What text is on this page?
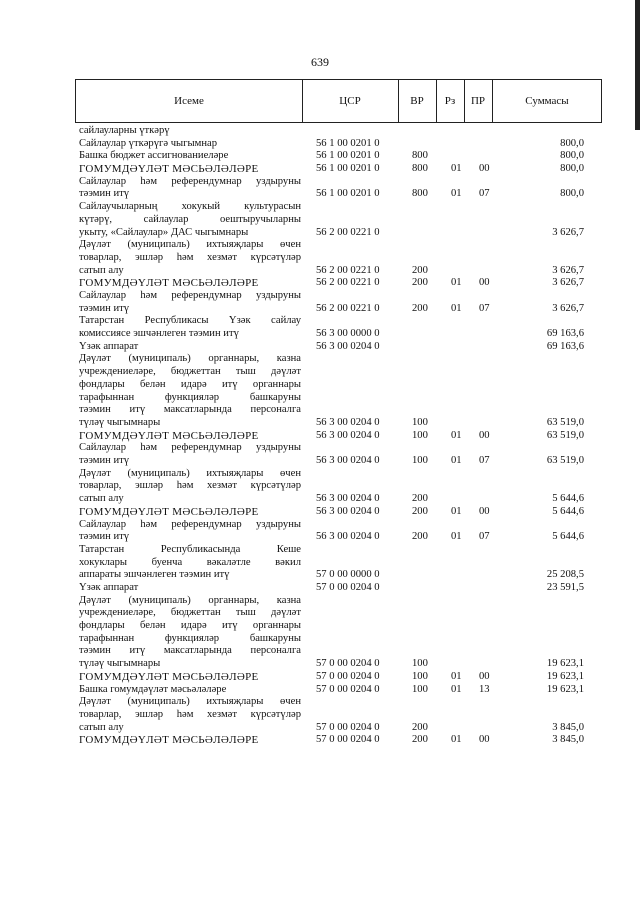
639
Исеме	ЦСР	ВР	Рз	ПР	Суммасы
сайлауларны үткәрү
Сайлаулар үткәрүгә чыгымнар	56 1 00 0201 0	800,0
Башка бюджет ассигнованиеләре	56 1 00 0201 0	800	800,0
ГОМУМДӘҮЛӘТ МӘСЬӘЛӘЛӘРЕ	56 1 00 0201 0	800 01 00	800,0
Сайлаулар һәм референдумнар уздыруны
тәэмин итү	56 1 00 0201 0	800 01 07	800,0
Сайлаучыларның хокукый культурасын
күтәрү, сайлаулар оештыручыларны
укыту, «Сайлаулар» ДАС чыгымнары	56 2 00 0221 0	3 626,7
Дәүләт (муниципаль) ихтыяҗлары өчен
товарлар, эшләр һәм хезмәт күрсәтүләр
сатып алу	56 2 00 0221 0	200	3 626,7
ГОМУМДӘҮЛӘТ МӘСЬӘЛӘЛӘРЕ	56 2 00 0221 0	200 01 00	3 626,7
Сайлаулар һәм референдумнар уздыруны
тәэмин итү	56 2 00 0221 0	200 01 07	3 626,7
Татарстан Республикасы Үзәк сайлау
комиссиясе эшчәнлеген тәэмин итү	56 3 00 0000 0	69 163,6
Үзәк аппарат	56 3 00 0204 0	69 163,6
Дәүләт (муниципаль) органнары, казна
учреждениеләре, бюджеттан тыш дәүләт
фондлары белән идарә итү органнары
тарафыннан функцияләр башкаруны
тәэмин итү максатларында персоналга
түләү чыгымнары	56 3 00 0204 0	100	63 519,0
ГОМУМДӘҮЛӘТ МӘСЬӘЛӘЛӘРЕ	56 3 00 0204 0	100 01 00	63 519,0
Сайлаулар һәм референдумнар уздыруны
тәэмин итү	56 3 00 0204 0	100 01 07	63 519,0
Дәүләт (муниципаль) ихтыяҗлары өчен
товарлар, эшләр һәм хезмәт күрсәтүләр
сатып алу	56 3 00 0204 0	200	5 644,6
ГОМУМДӘҮЛӘТ МӘСЬӘЛӘЛӘРЕ	56 3 00 0204 0	200 01 00	5 644,6
Сайлаулар һәм референдумнар уздыруны
тәэмин итү	56 3 00 0204 0	200 01 07	5 644,6
Татарстан Республикасында Кеше
хокуклары буенча вәкаләтле вәкил
аппараты эшчәнлеген тәэмин итү	57 0 00 0000 0	25 208,5
Үзәк аппарат	57 0 00 0204 0	23 591,5
Дәүләт (муниципаль) органнары, казна
учреждениеләре, бюджеттан тыш дәүләт
фондлары белән идарә итү органнары
тарафыннан функцияләр башкаруны
тәэмин итү максатларында персоналга
түләү чыгымнары	57 0 00 0204 0	100	19 623,1
ГОМУМДӘҮЛӘТ МӘСЬӘЛӘЛӘРЕ	57 0 00 0204 0	100 01 00	19 623,1
Башка гомумдәүләт мәсьәләләре	57 0 00 0204 0	100 01 13	19 623,1
Дәүләт (муниципаль) ихтыяҗлары өчен
товарлар, эшләр һәм хезмәт күрсәтүләр
сатып алу	57 0 00 0204 0	200	3 845,0
ГОМУМДӘҮЛӘТ МӘСЬӘЛӘЛӘРЕ	57 0 00 0204 0	200 01 00	3 845,0
